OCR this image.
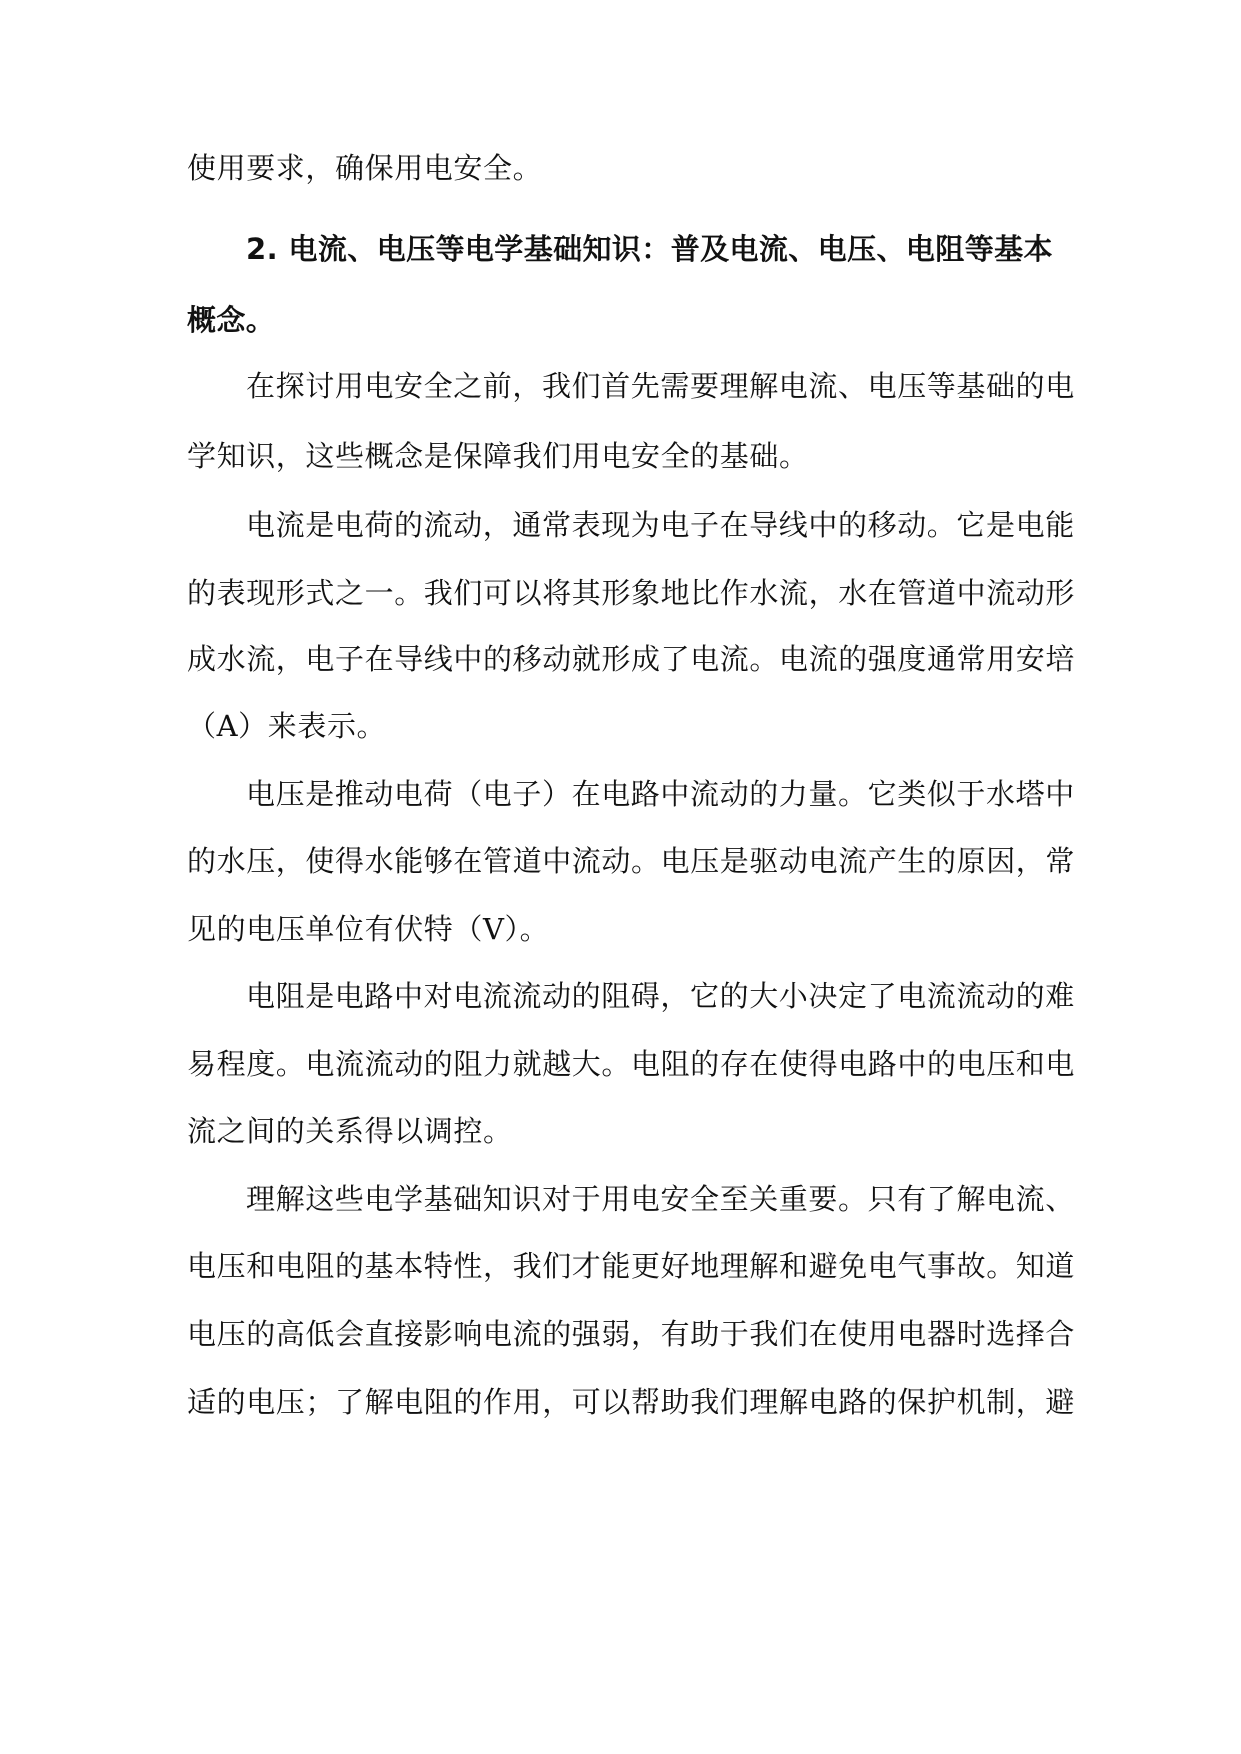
使用要求，确保用电安全。
2. 电流、电压等电学基础知识：普及电流、电压、电阻等基本
概念。
在探讨用电安全之前，我们首先需要理解电流、电压等基础的电
学知识，这些概念是保障我们用电安全的基础。
电流是电荷的流动，通常表现为电子在导线中的移动。它是电能
的表现形式之一。我们可以将其形象地比作水流，水在管道中流动形
成水流，电子在导线中的移动就形成了电流。电流的强度通常用安培
（A）来表示。
电压是推动电荷（电子）在电路中流动的力量。它类似于水塔中
的水压，使得水能够在管道中流动。电压是驱动电流产生的原因，常
见的电压单位有伏特（V）。
电阻是电路中对电流流动的阻碍，它的大小决定了电流流动的难
易程度。电流流动的阻力就越大。电阻的存在使得电路中的电压和电
流之间的关系得以调控。
理解这些电学基础知识对于用电安全至关重要。只有了解电流、
电压和电阻的基本特性，我们才能更好地理解和避免电气事故。知道
电压的高低会直接影响电流的强弱，有助于我们在使用电器时选择合
适的电压；了解电阻的作用，可以帮助我们理解电路的保护机制，避
